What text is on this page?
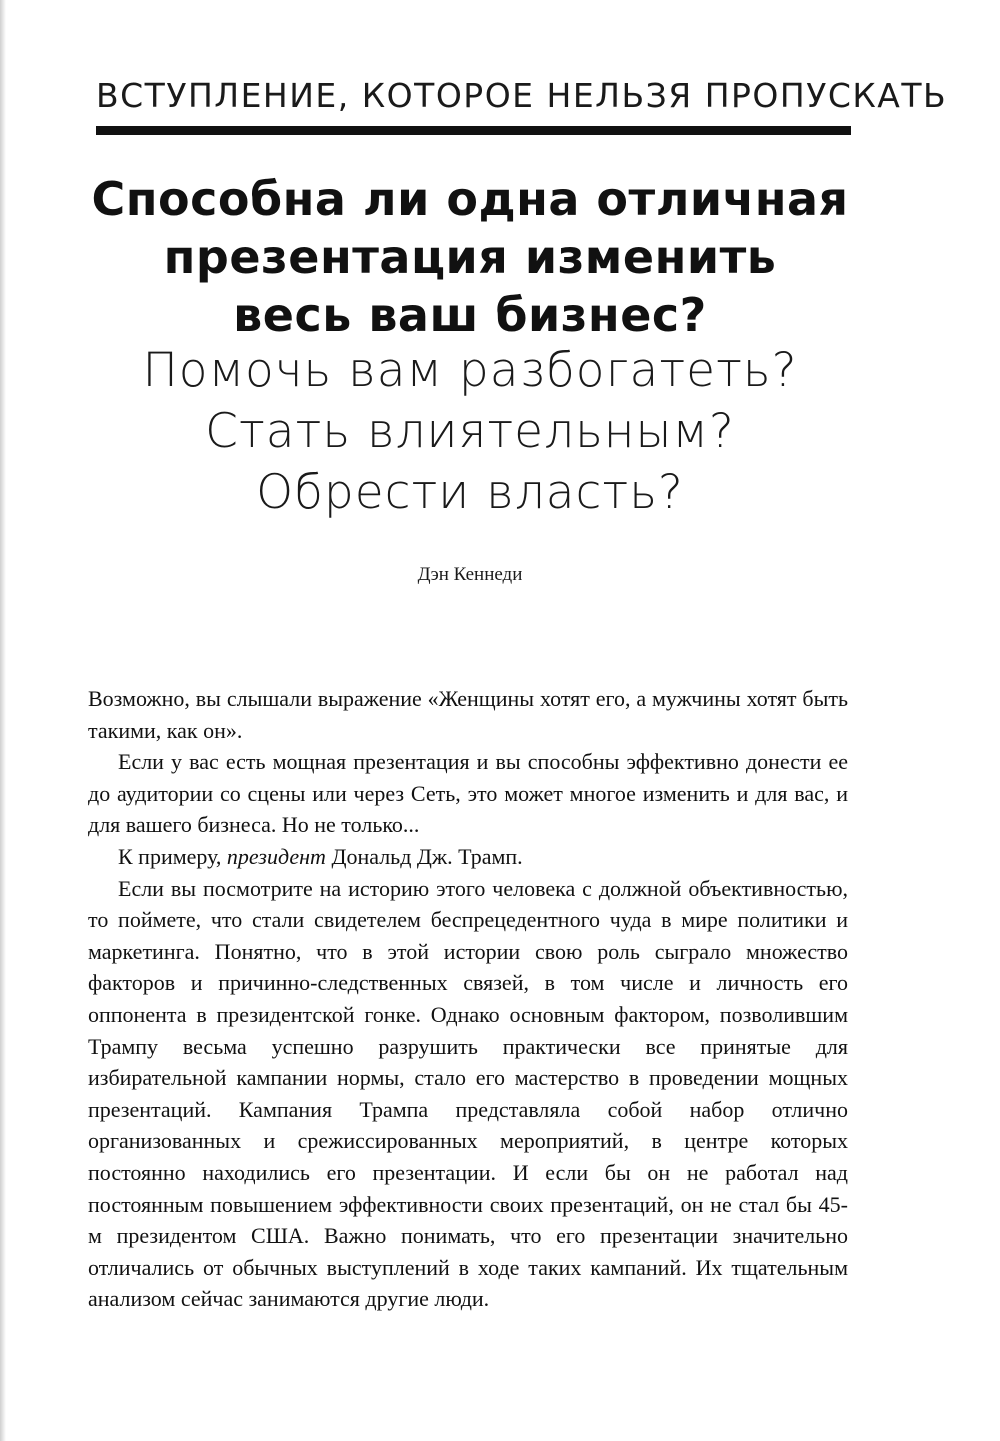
ВСТУПЛЕНИЕ, КОТОРОЕ НЕЛЬЗЯ ПРОПУСКАТЬ
Способна ли одна отличная
презентация изменить
весь ваш бизнес?
Помочь вам разбогатеть?
Стать влиятельным?
Обрести власть?
Дэн Кеннеди

Возможно, вы слышали выражение «Женщины хотят его, а мужчины хотят быть такими, как он».

Если у вас есть мощная презентация и вы способны эффективно донести ее до аудитории со сцены или через Сеть, это может многое изменить и для вас, и для вашего бизнеса. Но не только...

К примеру, президент Дональд Дж. Трамп.

Если вы посмотрите на историю этого человека с должной объективностью, то поймете, что стали свидетелем беспрецедентного чуда в мире политики и маркетинга. Понятно, что в этой истории свою роль сыграло множество факторов и причинно-следственных связей, в том числе и личность его оппонента в президентской гонке. Однако основным фактором, позволившим Трампу весьма успешно разрушить практически все принятые для избирательной кампании нормы, стало его мастерство в проведении мощных презентаций. Кампания Трампа представляла собой набор отлично организованных и срежиссированных мероприятий, в центре которых постоянно находились его презентации. И если бы он не работал над постоянным повышением эффективности своих презентаций, он не стал бы 45-м президентом США. Важно понимать, что его презентации значительно отличались от обычных выступлений в ходе таких кампаний. Их тщательным анализом сейчас занимаются другие люди.
